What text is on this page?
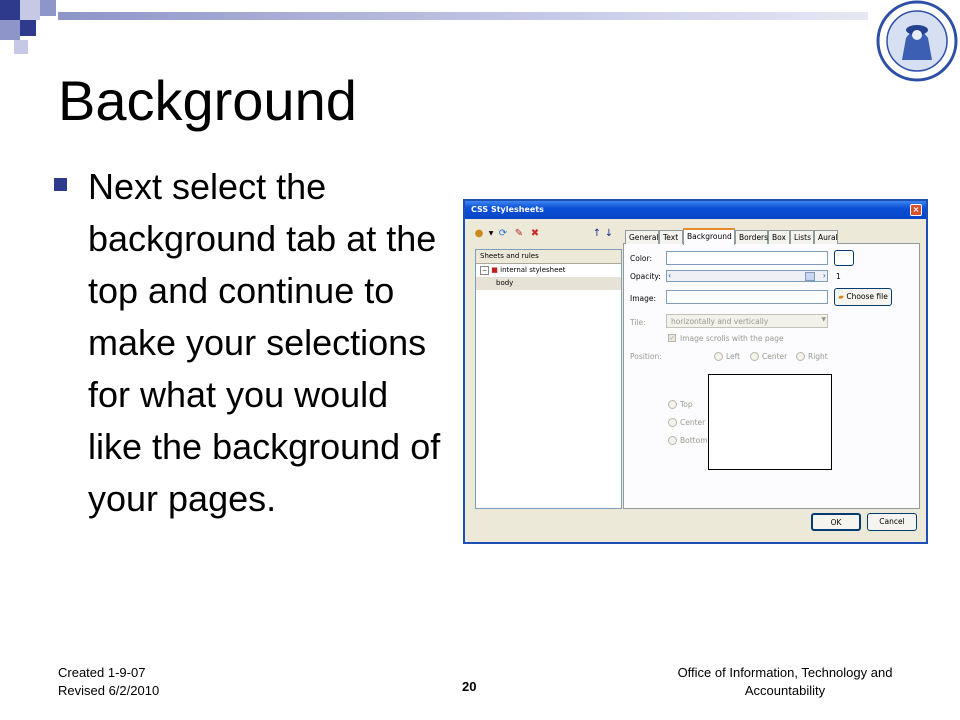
Background
Next select the background tab at the top and continue to make your selections for what you would like the background of your pages.
CSS Stylesheets	×
● ▼ ⟳ ✎ ✖	↑ ↓
Sheets and rules
− ■ internal stylesheet
body
Color:
Opacity: ‹	› 1
Image:	▰ Choose file
Tile:	horizontally and vertically	▼
✓ Image scrolls with the page
Position:	Left	Center	Right
Top
Center
Bottom
General Text	Background Borders Box	Lists Aural
OK	Cancel
Created 1-9-07
Revised 6/2/2010	20
Office of Information, Technology and
Accountability
